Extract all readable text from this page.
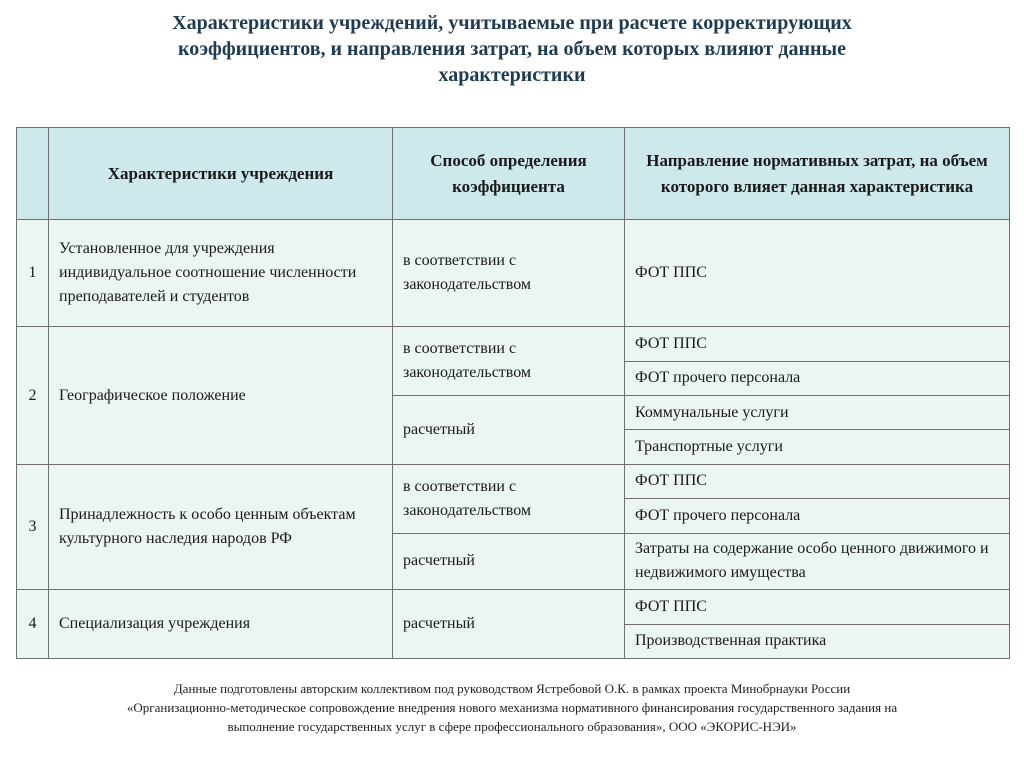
Характеристики учреждений, учитываемые при расчете корректирующих
коэффициентов, и направления затрат, на объем которых влияют данные
характеристики
	Характеристики учреждения	Способ определения коэффициента	Направление нормативных затрат, на объем которого влияет данная характеристика
1	Установленное для учреждения индивидуальное соотношение численности преподавателей и студентов	в соответствии с законодательством	ФОТ ППС
2	Географическое положение	в соответствии с законодательством	ФОТ ППС
			ФОТ прочего персонала
		расчетный	Коммунальные услуги
			Транспортные услуги
3	Принадлежность к особо ценным объектам культурного наследия народов РФ	в соответствии с законодательством	ФОТ ППС
			ФОТ прочего персонала
		расчетный	Затраты на содержание особо ценного движимого и недвижимого имущества
4	Специализация учреждения	расчетный	ФОТ ППС
			Производственная практика
Данные подготовлены авторским коллективом под руководством Ястребовой О.К. в рамках проекта Минобрнауки России
«Организационно-методическое сопровождение внедрения нового механизма нормативного финансирования государственного задания на
выполнение государственных услуг в сфере профессионального образования», ООО «ЭКОРИС-НЭИ»
